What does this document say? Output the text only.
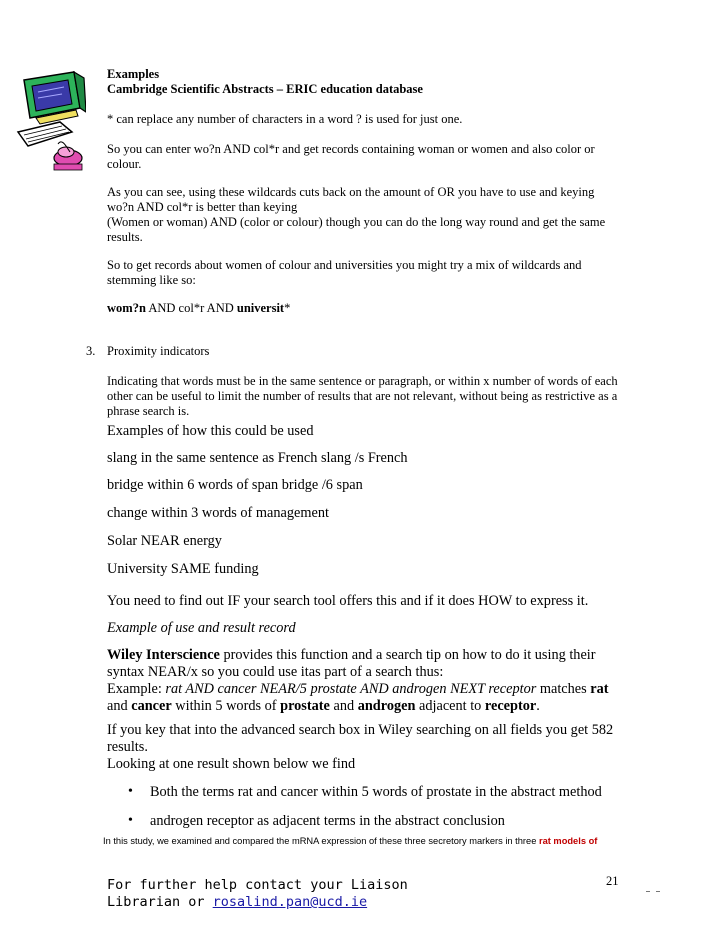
Examples
Cambridge Scientific Abstracts – ERIC education database
* can replace any number of characters in a word ? is used for just one.
So you can enter wo?n AND col*r and get records containing woman or women and also color or colour.
As you can see, using these wildcards cuts back on the amount of OR you have to use and keying
wo?n AND col*r is better than keying
(Women or woman) AND (color or colour) though you can do the long way round and get the same results.
So to get records about women of colour and universities you might try a mix of wildcards and stemming like so:
wom?n AND col*r AND universit*
3. Proximity indicators
Indicating that words must be in the same sentence or paragraph, or within x number of words of each other can be useful to limit the number of results that are not relevant, without being as restrictive as a phrase search is.
Examples of how this could be used
slang in the same sentence as French slang /s French
bridge within 6 words of span bridge /6 span
change within 3 words of management
Solar NEAR energy
University SAME funding
You need to find out IF your search tool offers this and if it does HOW to express it.
Example of use and result record
Wiley Interscience provides this function and a search tip on how to do it using their syntax NEAR/x so you could use itas part of a search thus:
Example: rat AND cancer NEAR/5 prostate AND androgen NEXT receptor matches rat and cancer within 5 words of prostate and androgen adjacent to receptor.
If you key that into the advanced search box in Wiley searching on all fields you get 582 results.
Looking at one result shown below we find
• Both the terms rat and cancer within 5 words of prostate in the abstract method
• androgen receptor as adjacent terms in the abstract conclusion
In this study, we examined and compared the mRNA expression of these three secretory markers in three rat models of
For further help contact your Liaison
Librarian or rosalind.pan@ucd.ie
21
